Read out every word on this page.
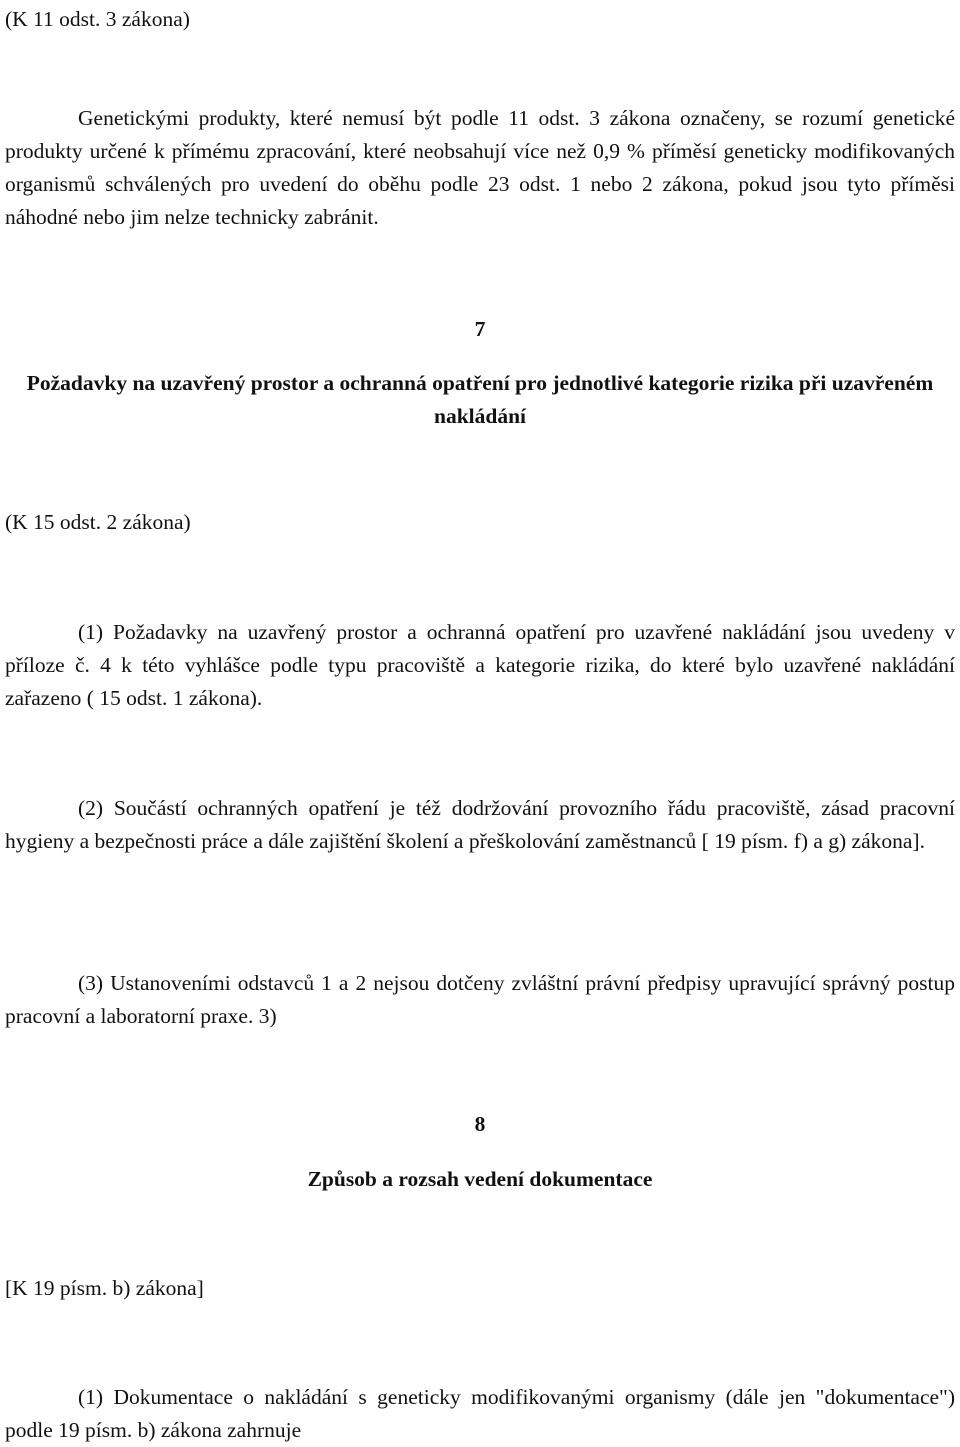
(K 11 odst. 3 zákona)

Genetickými produkty, které nemusí být podle 11 odst. 3 zákona označeny, se rozumí genetické produkty určené k přímému zpracování, které neobsahují více než 0,9 % příměsí geneticky modifikovaných organismů schválených pro uvedení do oběhu podle 23 odst. 1 nebo 2 zákona, pokud jsou tyto příměsi náhodné nebo jim nelze technicky zabránit.

7

Požadavky na uzavřený prostor a ochranná opatření pro jednotlivé kategorie rizika při uzavřeném nakládání

(K 15 odst. 2 zákona)

(1) Požadavky na uzavřený prostor a ochranná opatření pro uzavřené nakládání jsou uvedeny v příloze č. 4 k této vyhlášce podle typu pracoviště a kategorie rizika, do které bylo uzavřené nakládání zařazeno ( 15 odst. 1 zákona).

(2) Součástí ochranných opatření je též dodržování provozního řádu pracoviště, zásad pracovní hygieny a bezpečnosti práce a dále zajištění školení a přeškolování zaměstnanců [ 19 písm. f) a g) zákona].

(3) Ustanoveními odstavců 1 a 2 nejsou dotčeny zvláštní právní předpisy upravující správný postup pracovní a laboratorní praxe. 3)

8

Způsob a rozsah vedení dokumentace

[K 19 písm. b) zákona]

(1) Dokumentace o nakládání s geneticky modifikovanými organismy (dále jen "dokumentace") podle 19 písm. b) zákona zahrnuje
